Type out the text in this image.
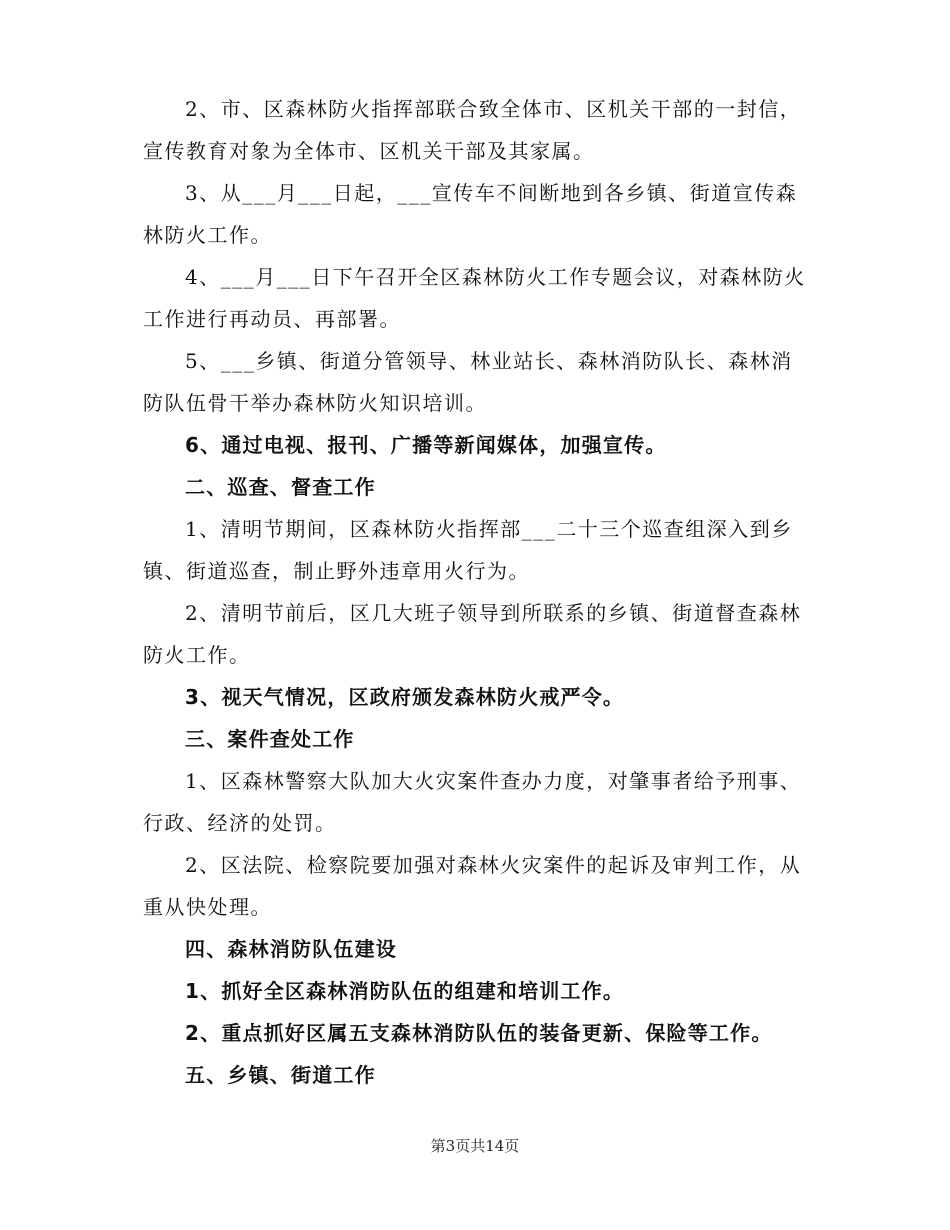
2、市、区森林防火指挥部联合致全体市、区机关干部的一封信，宣传教育对象为全体市、区机关干部及其家属。

3、从___月___日起，___宣传车不间断地到各乡镇、街道宣传森林防火工作。

4、___月___日下午召开全区森林防火工作专题会议，对森林防火工作进行再动员、再部署。

5、___乡镇、街道分管领导、林业站长、森林消防队长、森林消防队伍骨干举办森林防火知识培训。

6、通过电视、报刊、广播等新闻媒体，加强宣传。

二、巡查、督查工作

1、清明节期间，区森林防火指挥部___二十三个巡查组深入到乡镇、街道巡查，制止野外违章用火行为。

2、清明节前后，区几大班子领导到所联系的乡镇、街道督查森林防火工作。

3、视天气情况，区政府颁发森林防火戒严令。

三、案件查处工作

1、区森林警察大队加大火灾案件查办力度，对肇事者给予刑事、行政、经济的处罚。

2、区法院、检察院要加强对森林火灾案件的起诉及审判工作，从重从快处理。

四、森林消防队伍建设

1、抓好全区森林消防队伍的组建和培训工作。

2、重点抓好区属五支森林消防队伍的装备更新、保险等工作。

五、乡镇、街道工作

第3页共14页
